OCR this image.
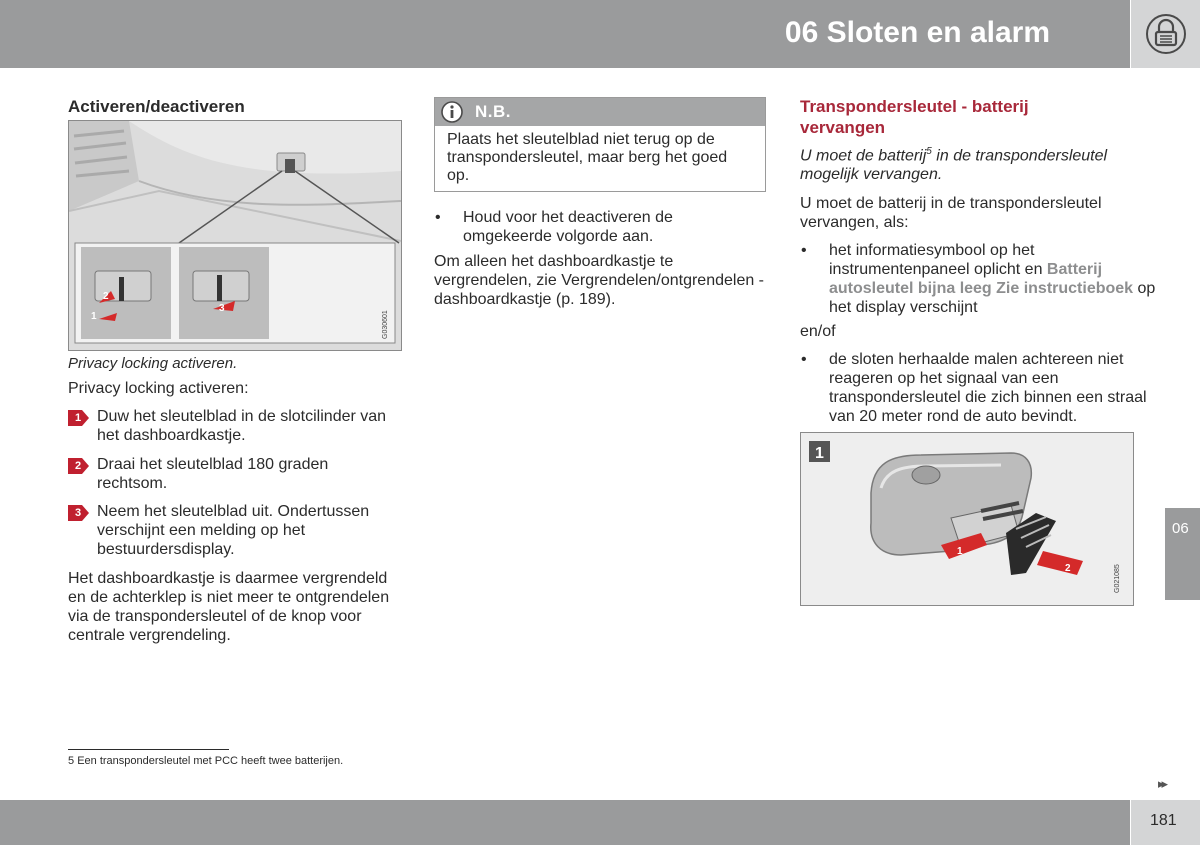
06 Sloten en alarm
Activeren/deactiveren
1
2
3
G030601

Privacy locking activeren.

Privacy locking activeren:

1 Duw het sleutelblad in de slotcilinder van het dashboardkastje.
2 Draai het sleutelblad 180 graden rechtsom.
3 Neem het sleutelblad uit. Ondertussen verschijnt een melding op het bestuurdersdisplay.

Het dashboardkastje is daarmee vergrendeld en de achterklep is niet meer te ontgrendelen via de transpondersleutel of de knop voor centrale vergrendeling.

N.B.
Plaats het sleutelblad niet terug op de transpondersleutel, maar berg het goed op.
• Houd voor het deactiveren de omgekeerde volgorde aan.

Om alleen het dashboardkastje te vergrendelen, zie Vergrendelen/ontgrendelen - dashboardkastje (p. 189).

Transpondersleutel - batterij vervangen

U moet de batterij$^5$ in de transpondersleutel mogelijk vervangen.

U moet de batterij in de transpondersleutel vervangen, als:

• het informatiesymbool op het instrumentenpaneel oplicht en Batterij autosleutel bijna leeg Zie instructieboek op het display verschijnt

en/of

• de sloten herhaalde malen achtereen niet reageren op het signaal van een transpondersleutel die zich binnen een straal van 20 meter rond de auto bevindt.
1
1
2	G021085
06
5 Een transpondersleutel met PCC heeft twee batterijen.
▸▸
181
